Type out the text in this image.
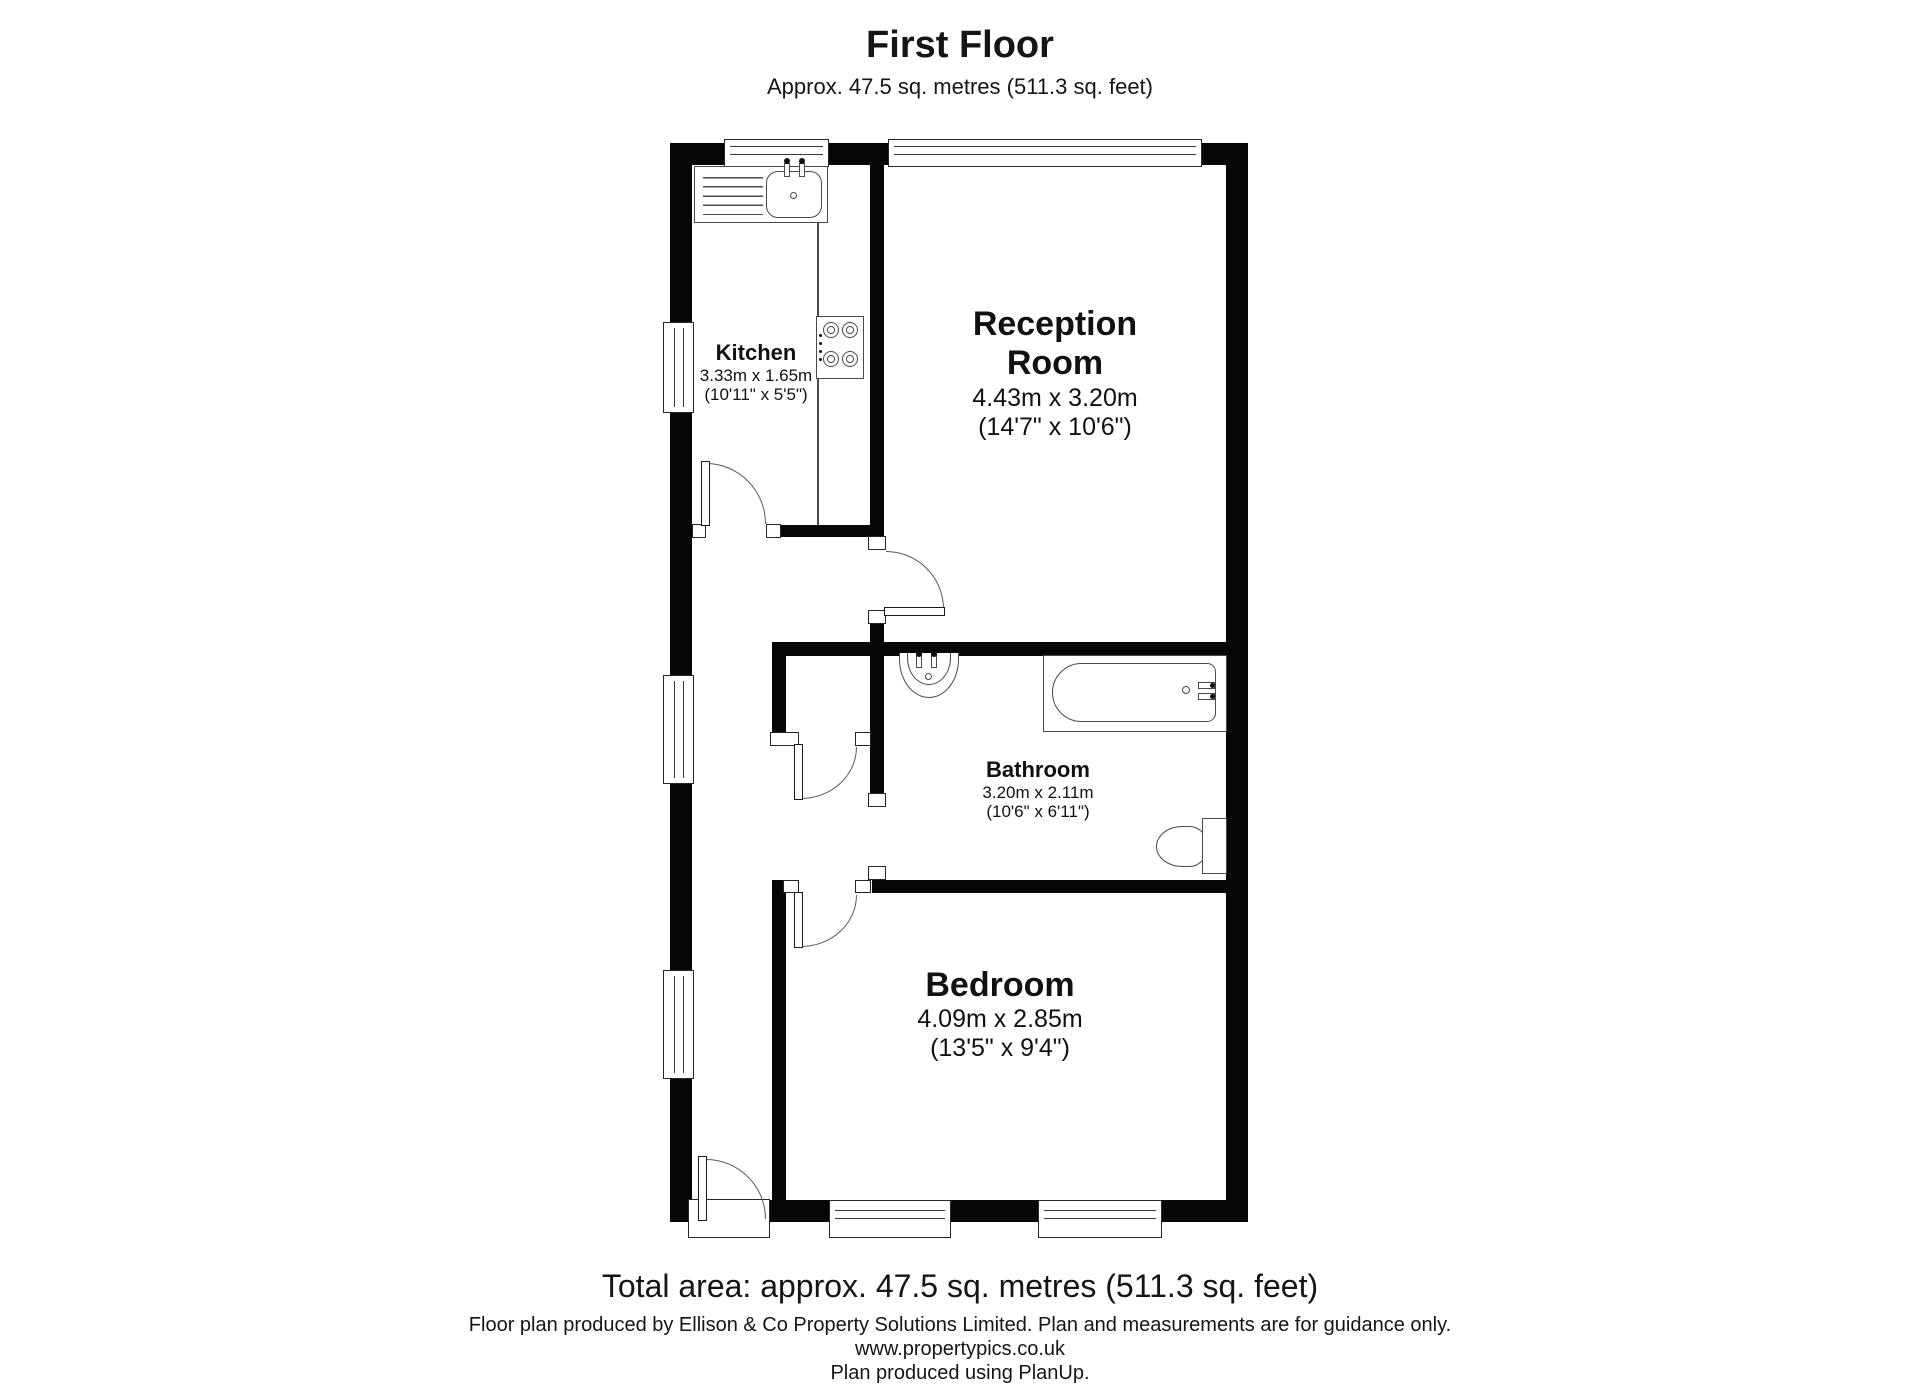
First Floor
Approx. 47.5 sq. metres (511.3 sq. feet)
Kitchen
3.33m x 1.65m
(10'11" x 5'5")
Reception Room
4.43m x 3.20m
(14'7" x 10'6")
Bathroom
3.20m x 2.11m
(10'6" x 6'11")
Bedroom
4.09m x 2.85m
(13'5" x 9'4")
Total area: approx. 47.5 sq. metres (511.3 sq. feet)
Floor plan produced by Ellison & Co Property Solutions Limited. Plan and measurements are for guidance only.
www.propertypics.co.uk
Plan produced using PlanUp.
